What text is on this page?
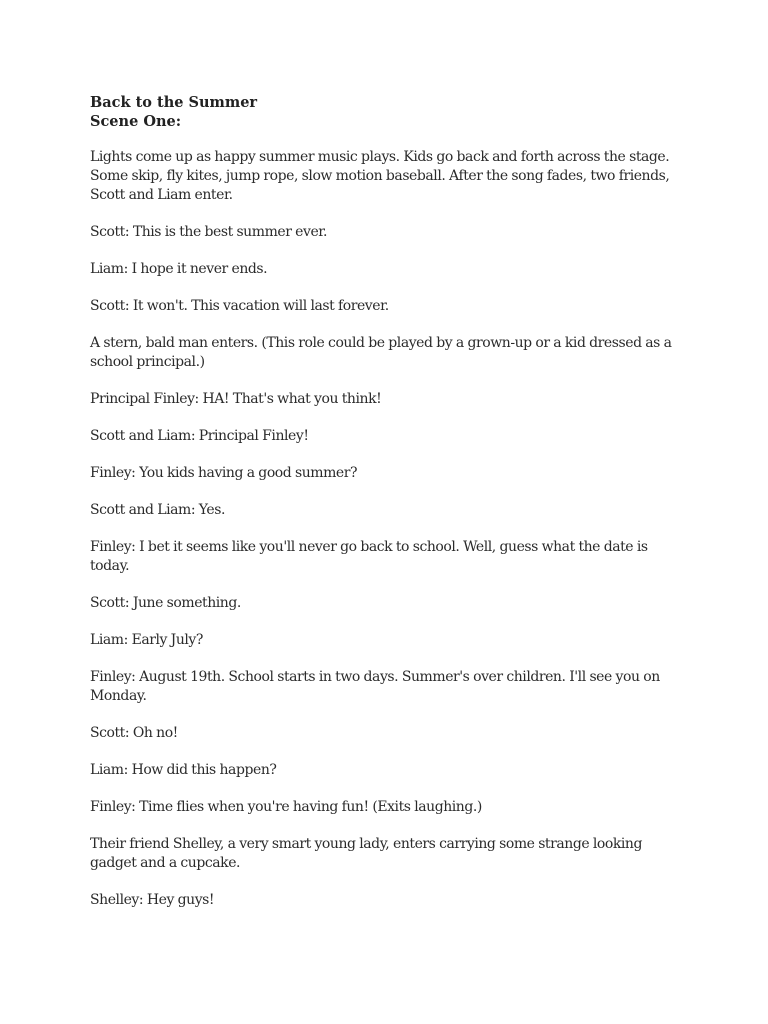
Back to the Summer
Scene One:

Lights come up as happy summer music plays. Kids go back and forth across the stage. Some skip, fly kites, jump rope, slow motion baseball. After the song fades, two friends, Scott and Liam enter.

Scott: This is the best summer ever.

Liam: I hope it never ends.

Scott: It won't. This vacation will last forever.

A stern, bald man enters. (This role could be played by a grown-up or a kid dressed as a school principal.)

Principal Finley: HA! That's what you think!

Scott and Liam: Principal Finley!

Finley: You kids having a good summer?

Scott and Liam: Yes.

Finley: I bet it seems like you'll never go back to school. Well, guess what the date is today.

Scott: June something.

Liam: Early July?

Finley: August 19th. School starts in two days. Summer's over children. I'll see you on Monday.

Scott: Oh no!

Liam: How did this happen?

Finley: Time flies when you're having fun! (Exits laughing.)

Their friend Shelley, a very smart young lady, enters carrying some strange looking gadget and a cupcake.

Shelley: Hey guys!
